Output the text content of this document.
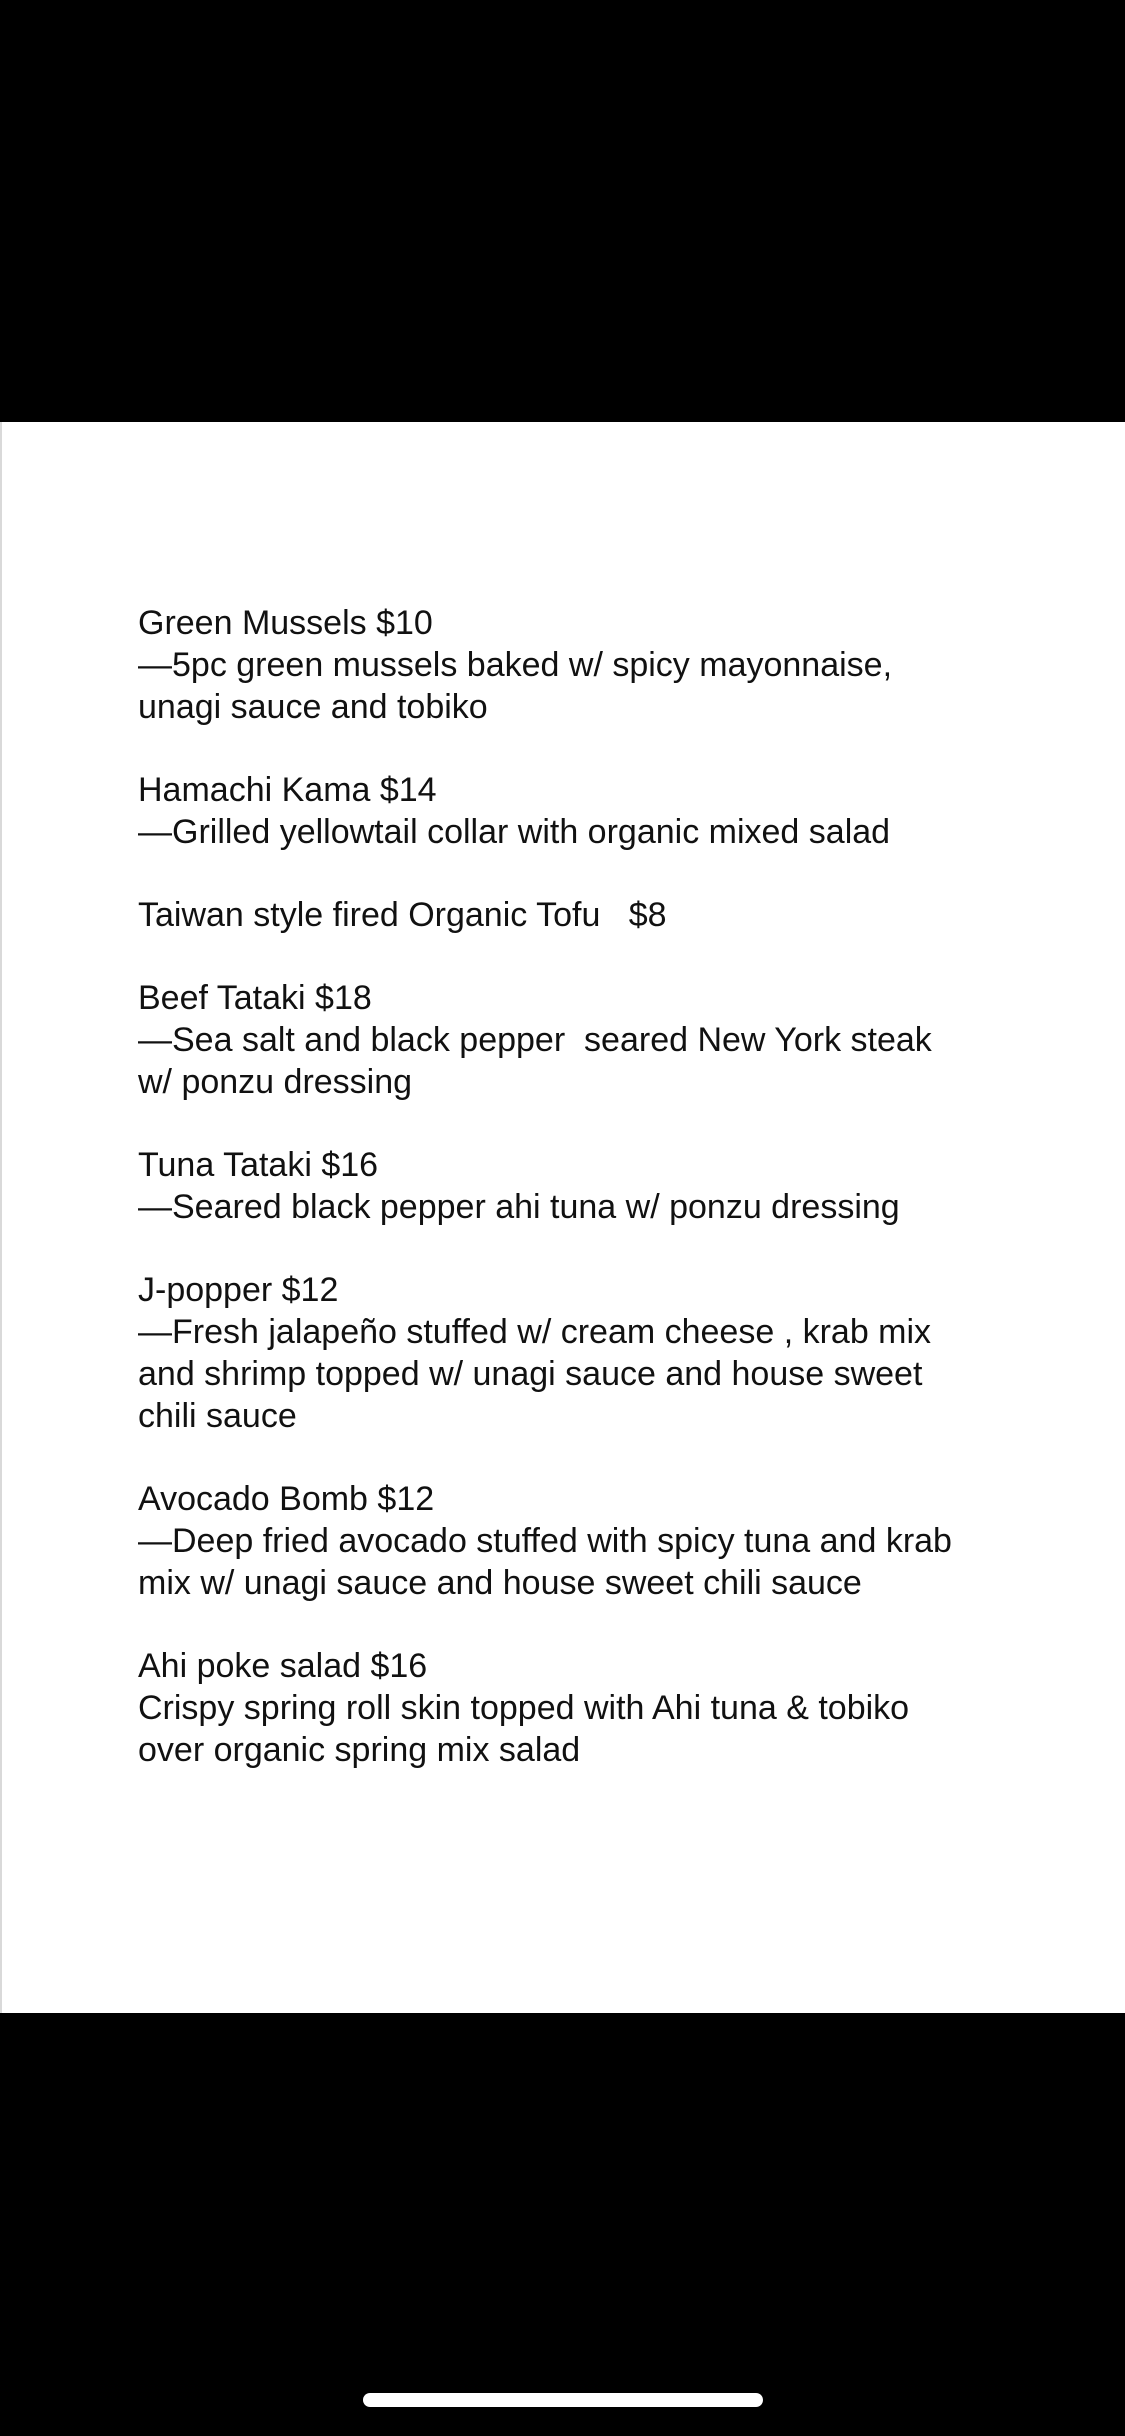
Green Mussels $10

—5pc green mussels baked w/ spicy mayonnaise,
unagi sauce and tobiko

Hamachi Kama $14

—Grilled yellowtail collar with organic mixed salad

Taiwan style fired Organic Tofu   $8

Beef Tataki $18

—Sea salt and black pepper  seared New York steak
w/ ponzu dressing

Tuna Tataki $16

—Seared black pepper ahi tuna w/ ponzu dressing

J-popper $12

—Fresh jalapeño stuffed w/ cream cheese , krab mix
and shrimp topped w/ unagi sauce and house sweet
chili sauce

Avocado Bomb $12

—Deep fried avocado stuffed with spicy tuna and krab
mix w/ unagi sauce and house sweet chili sauce

Ahi poke salad $16

Crispy spring roll skin topped with Ahi tuna & tobiko
over organic spring mix salad
